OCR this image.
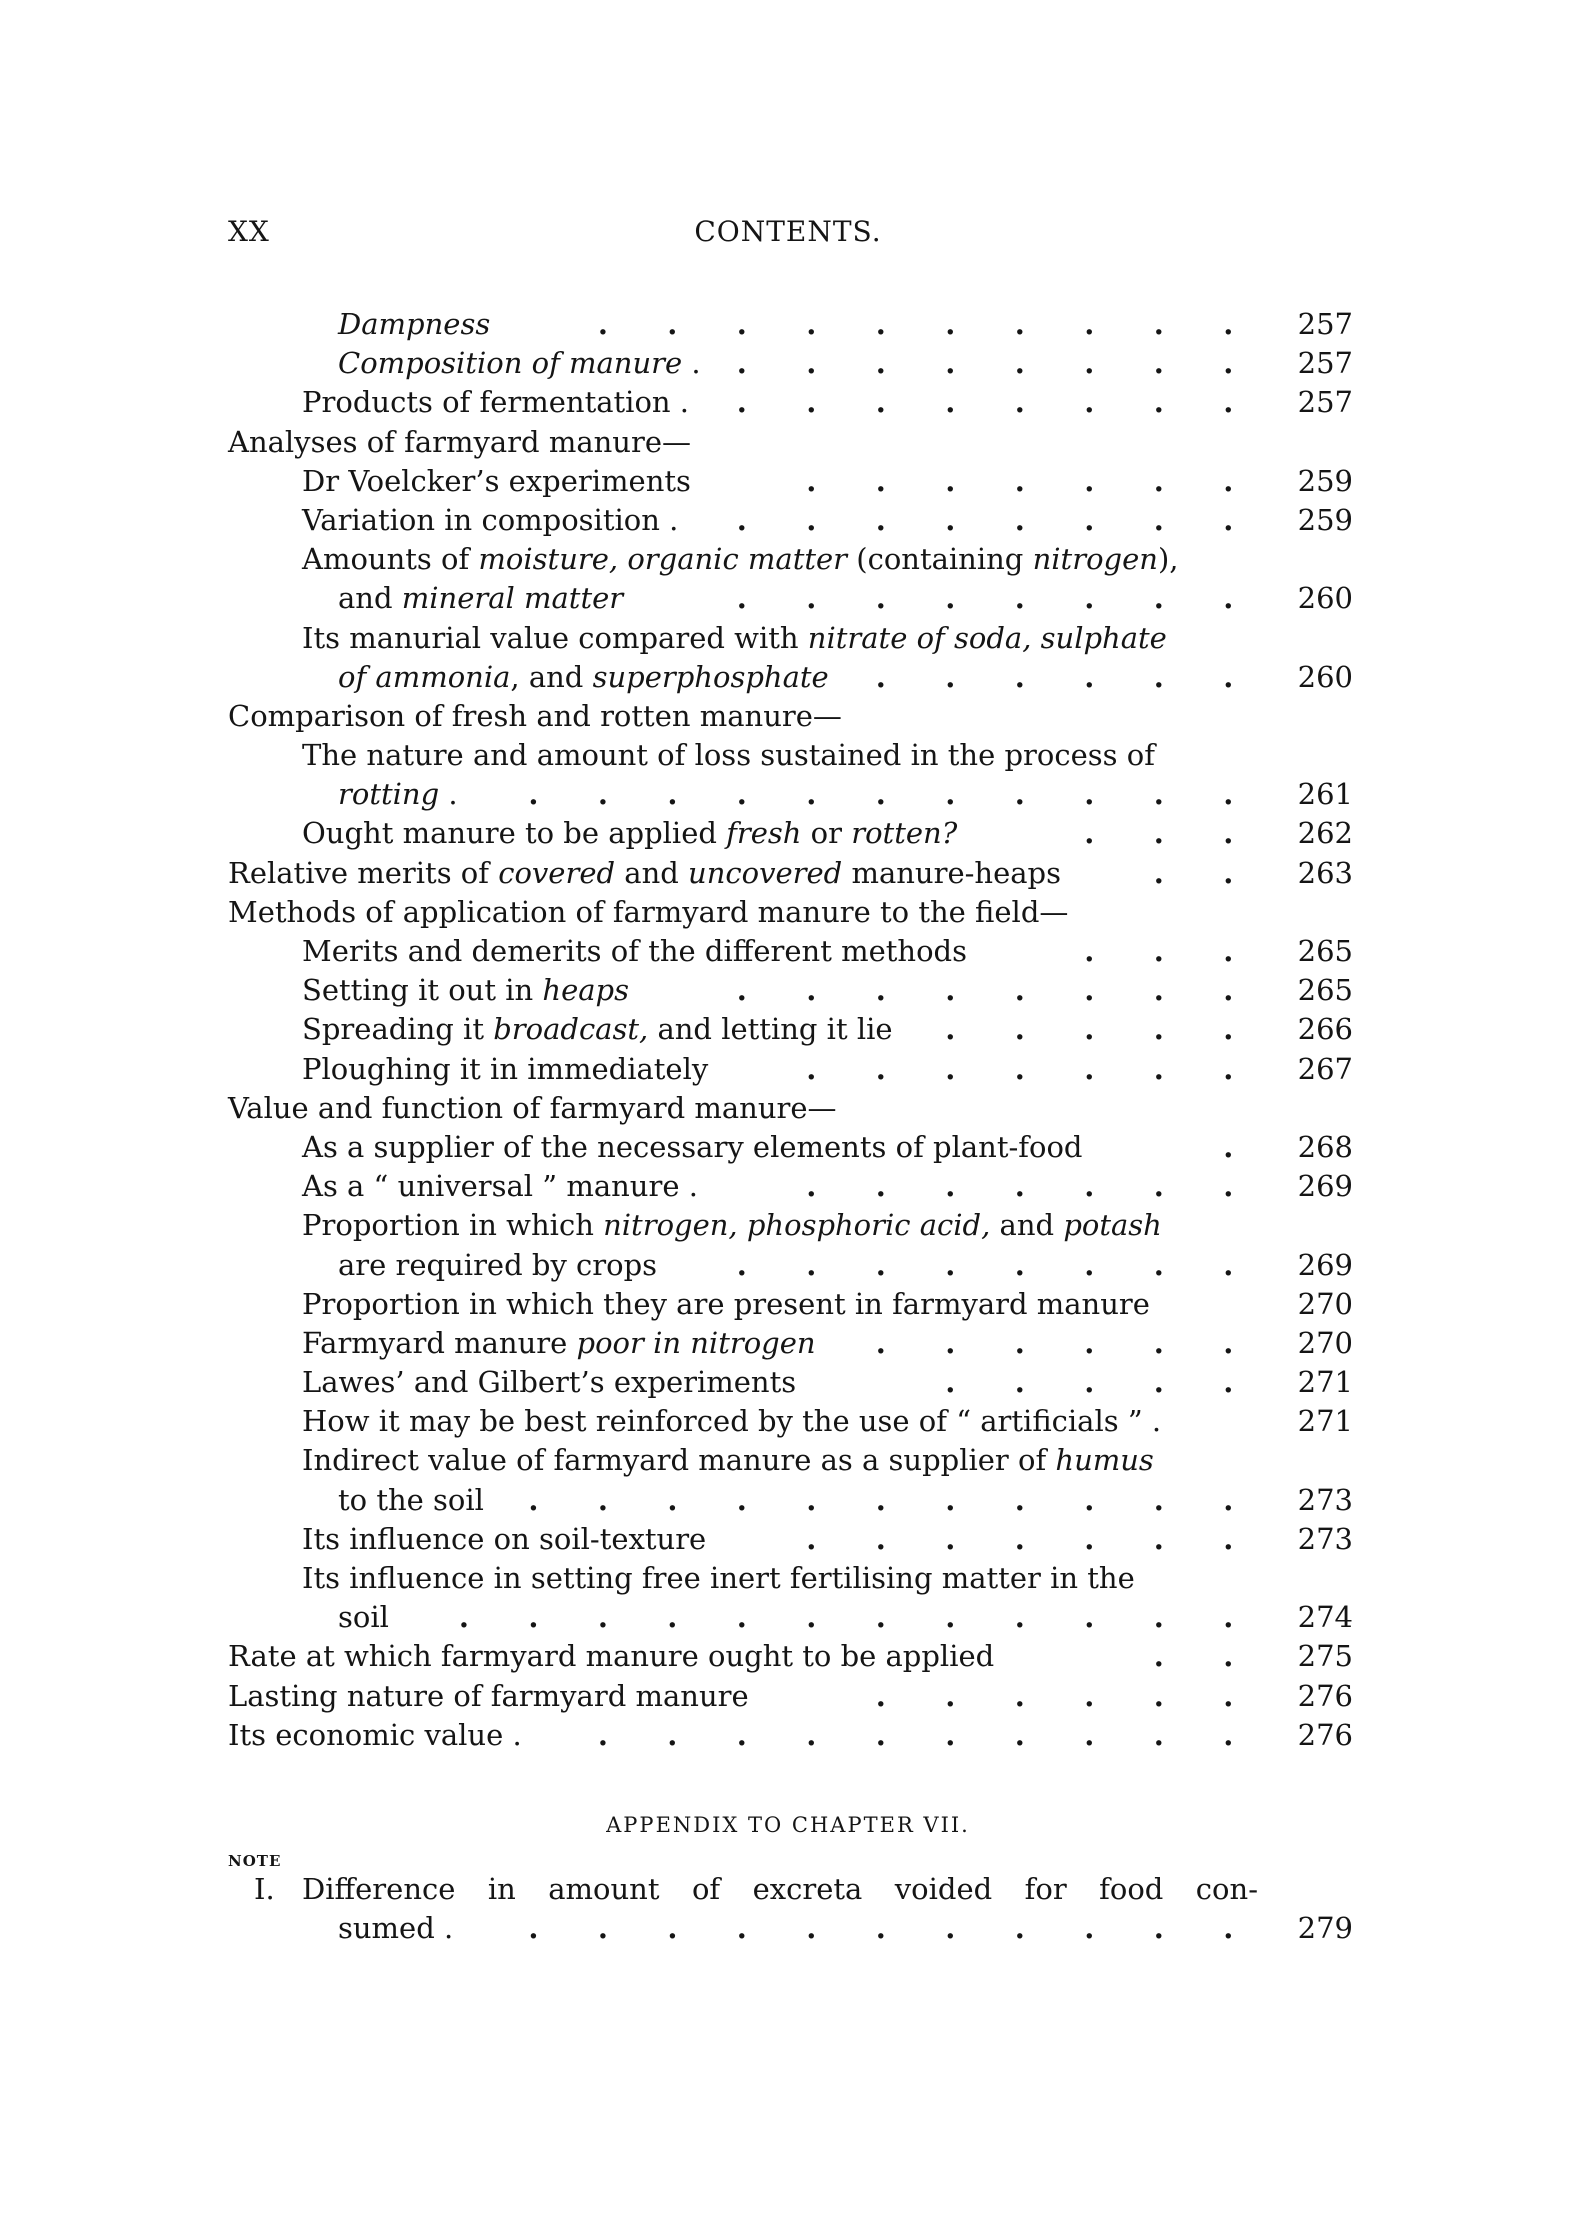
XX	CONTENTS.
Dampness	. . . . . . . . . .	257
Composition of manure . . . . . . . . .	257
Products of fermentation . . . . . . . . .	257
Analyses of farmyard manure—
Dr Voelcker’s experiments	. . . . . . .	259
Variation in composition . . . . . . . . .	259
Amounts of moisture, organic matter (containing nitrogen),
and mineral matter	. . . . . . . .	260
Its manurial value compared with nitrate of soda, sulphate
of ammonia, and superphosphate . . . . . .	260
Comparison of fresh and rotten manure—
The nature and amount of loss sustained in the process of
rotting . . . . . . . . . . . .	261
Ought manure to be applied fresh or rotten?	. . .	262
Relative merits of covered and uncovered manure-heaps	. .	263
Methods of application of farmyard manure to the field—
Merits and demerits of the different methods	. . .	265
Setting it out in heaps	. . . . . . . .	265
Spreading it broadcast, and letting it lie . . . . .	266
Ploughing it in immediately	. . . . . . .	267
Value and function of farmyard manure—
As a supplier of the necessary elements of plant-food	.	268
As a “ universal ” manure .	. . . . . . .	269
Proportion in which nitrogen, phosphoric acid, and potash
are required by crops	. . . . . . . .	269
Proportion in which they are present in farmyard manure	270
Farmyard manure poor in nitrogen . . . . . .	270
Lawes’ and Gilbert’s experiments	. . . . .	271
How it may be best reinforced by the use of “ artificials ” .	271
Indirect value of farmyard manure as a supplier of humus
to the soil . . . . . . . . . . .	273
Its influence on soil-texture	. . . . . . .	273
Its influence in setting free inert fertilising matter in the
soil . . . . . . . . . . . .	274
Rate at which farmyard manure ought to be applied	. .	275
Lasting nature of farmyard manure	. . . . . .	276
Its economic value .	. . . . . . . . . .	276
APPENDIX TO CHAPTER VII.
NOTE
I. Difference in amount of excreta voided for food con-
sumed .	. . . . . . . . . . .	279
